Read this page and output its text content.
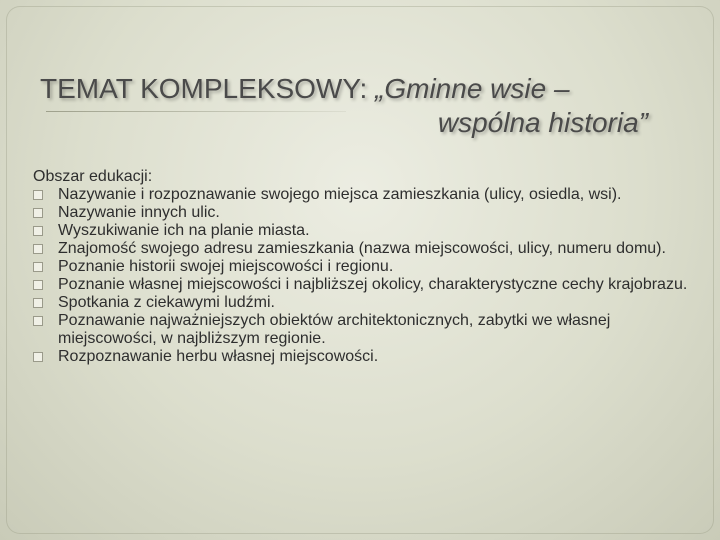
TEMAT KOMPLEKSOWY: „Gminne wsie –
wspólna historia”
Obszar edukacji:
Nazywanie i rozpoznawanie swojego miejsca zamieszkania (ulicy, osiedla, wsi).
Nazywanie innych ulic.
Wyszukiwanie ich na planie miasta.
Znajomość swojego adresu zamieszkania (nazwa miejscowości, ulicy, numeru domu).
Poznanie historii swojej miejscowości i regionu.
Poznanie własnej miejscowości i najbliższej okolicy, charakterystyczne cechy krajobrazu.
Spotkania z ciekawymi ludźmi.
Poznawanie najważniejszych obiektów architektonicznych, zabytki we własnej miejscowości, w najbliższym regionie.
Rozpoznawanie herbu własnej miejscowości.
